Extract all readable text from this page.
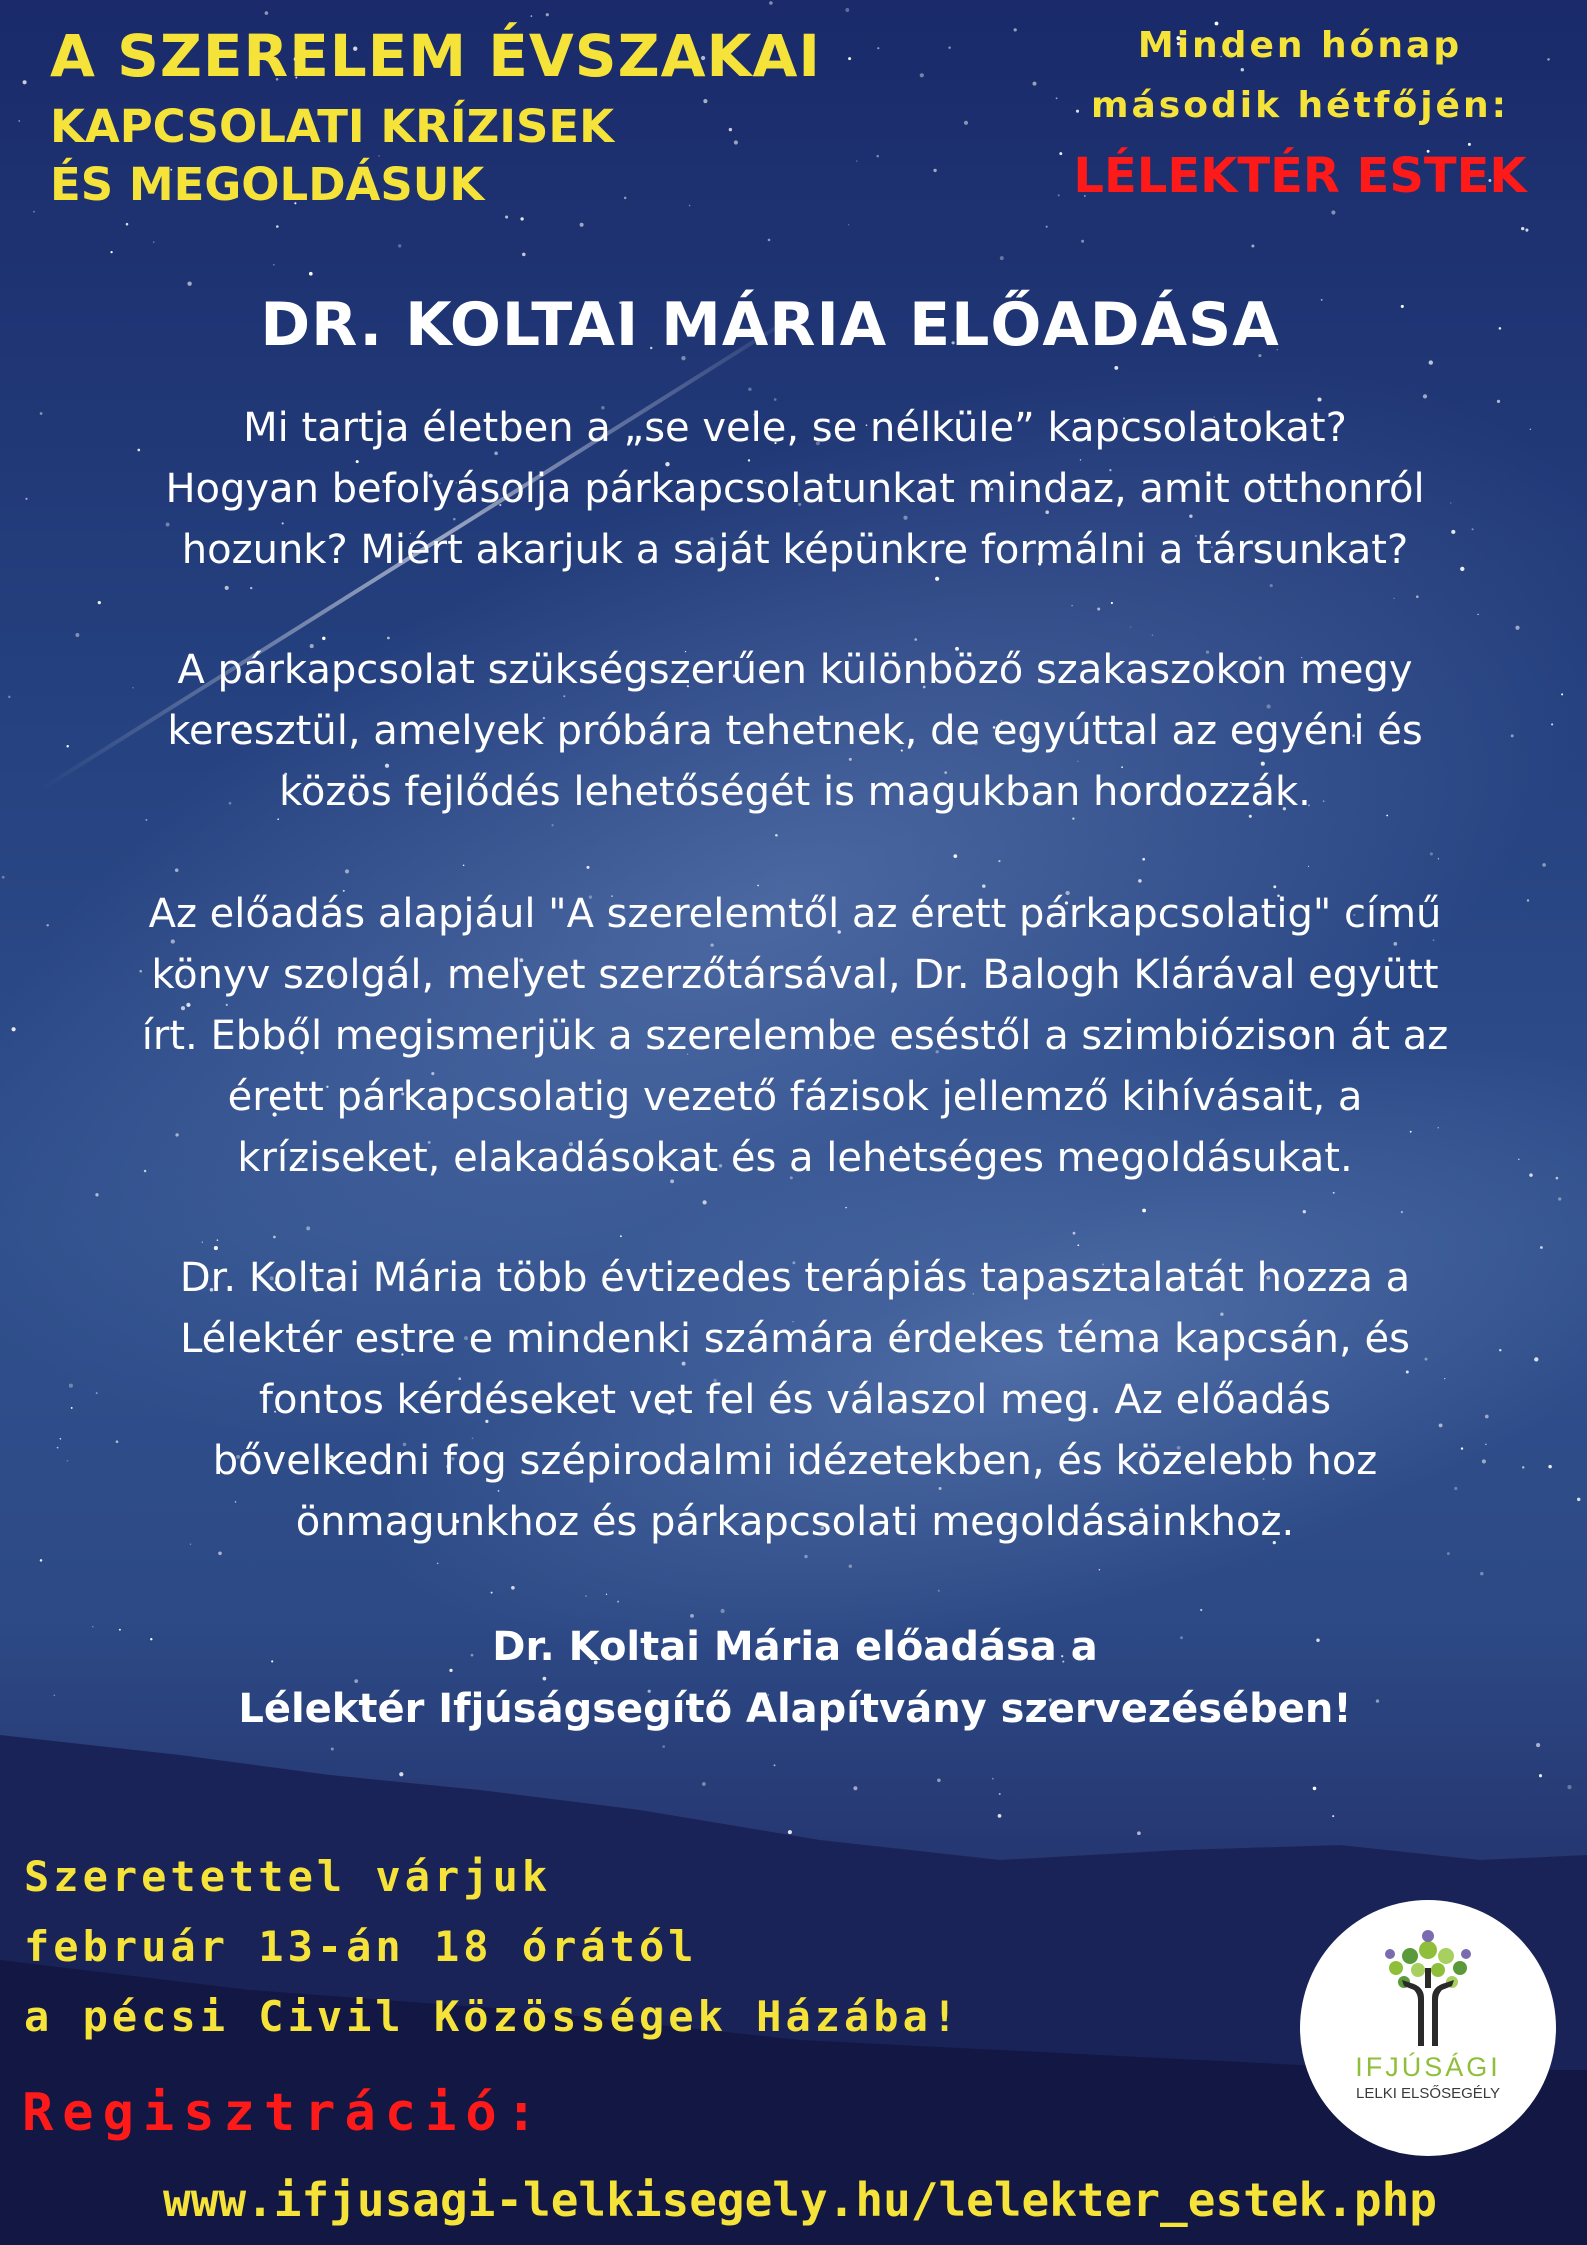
A SZERELEM ÉVSZAKAI
KAPCSOLATI KRÍZISEK
ÉS MEGOLDÁSUK
Minden hónap
második hétfőjén:
LÉLEKTÉR ESTEK
DR. KOLTAI MÁRIA ELŐADÁSA
Mi tartja életben a „se vele, se nélküle” kapcsolatokat?
Hogyan befolyásolja párkapcsolatunkat mindaz, amit otthonról
hozunk? Miért akarjuk a saját képünkre formálni a társunkat?
A párkapcsolat szükségszerűen különböző szakaszokon megy
keresztül, amelyek próbára tehetnek, de egyúttal az egyéni és
közös fejlődés lehetőségét is magukban hordozzák.
Az előadás alapjául "A szerelemtől az érett párkapcsolatig" című
könyv szolgál, melyet szerzőtársával, Dr. Balogh Klárával együtt
írt. Ebből megismerjük a szerelembe eséstől a szimbiózison át az
érett párkapcsolatig vezető fázisok jellemző kihívásait, a
kríziseket, elakadásokat és a lehetséges megoldásukat.
Dr. Koltai Mária több évtizedes terápiás tapasztalatát hozza a
Lélektér estre e mindenki számára érdekes téma kapcsán, és
fontos kérdéseket vet fel és válaszol meg. Az előadás
bővelkedni fog szépirodalmi idézetekben, és közelebb hoz
önmagunkhoz és párkapcsolati megoldásainkhoz.
Dr. Koltai Mária előadása a
Lélektér Ifjúságsegítő Alapítvány szervezésében!
Szeretettel várjuk
február 13-án 18 órától
a pécsi Civil Közösségek Házába!
Regisztráció:
www.ifjusagi-lelkisegely.hu/lelekter_estek.php
IFJÚSÁGI
LELKI ELSŐSEGÉLY
